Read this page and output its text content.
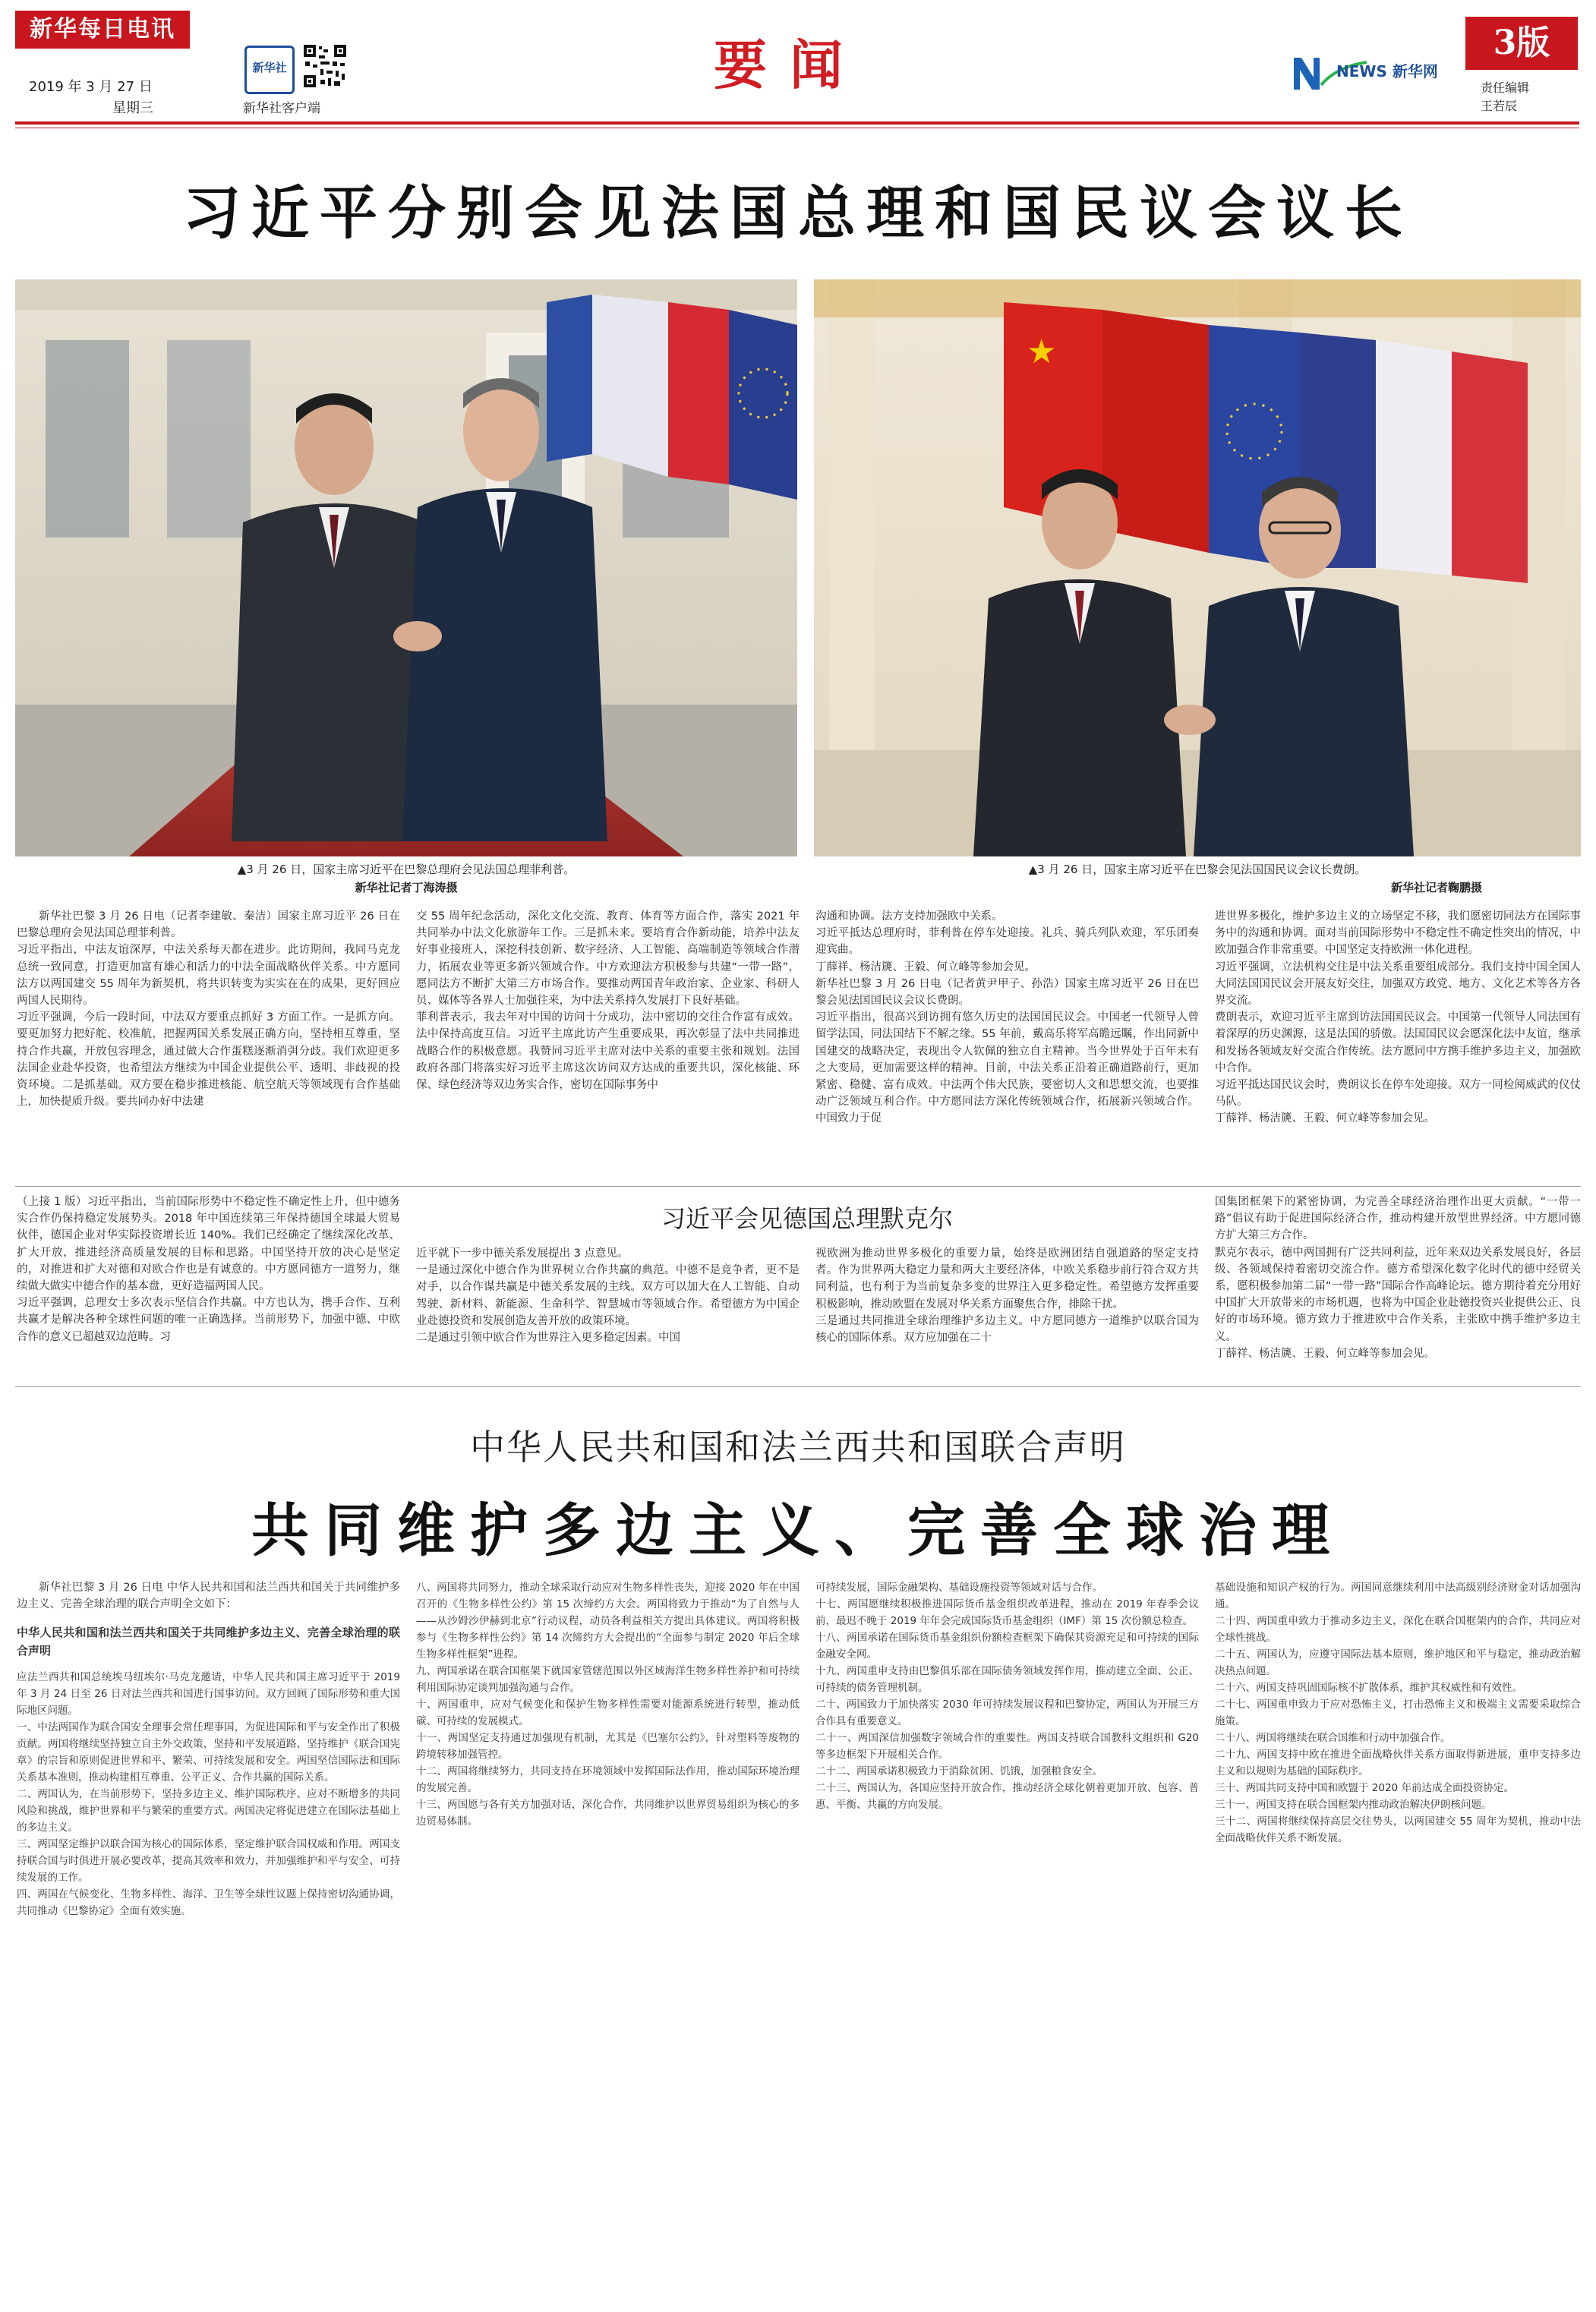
新华每日电讯
2019 年 3 月 27 日
星期三
新华社
新华社客户端
要闻	NEWS 新华网
3版
责任编辑
王若辰
习近平分别会见法国总理和国民议会议长
▲3 月 26 日，国家主席习近平在巴黎总理府会见法国总理菲利普。
新华社记者丁海涛摄
★
▲3 月 26 日，国家主席习近平在巴黎会见法国国民议会议长费朗。
新华社记者鞠鹏摄
新华社巴黎 3 月 26 日电（记者李建敏、秦洁）国家主席习近平 26 日在巴黎总理府会见法国总理菲利普。
习近平指出，中法友谊深厚，中法关系每天都在进步。此访期间，我同马克龙总统一致同意，打造更加富有雄心和活力的中法全面战略伙伴关系。中方愿同法方以两国建交 55 周年为新契机，将共识转变为实实在在的成果，更好回应两国人民期待。
习近平强调，今后一段时间，中法双方要重点抓好 3 方面工作。一是抓方向。要更加努力把好舵、校准航，把握两国关系发展正确方向，坚持相互尊重，坚持合作共赢，开放包容理念，通过做大合作蛋糕逐渐消弭分歧。我们欢迎更多法国企业赴华投资，也希望法方继续为中国企业提供公平、透明、非歧视的投资环境。二是抓基础。双方要在稳步推进核能、航空航天等领域现有合作基础上，加快提质升级。要共同办好中法建
交 55 周年纪念活动，深化文化交流、教育、体育等方面合作，落实 2021 年共同举办中法文化旅游年工作。三是抓未来。要培育合作新动能，培养中法友好事业接班人，深挖科技创新、数字经济、人工智能、高端制造等领域合作潜力，拓展农业等更多新兴领域合作。中方欢迎法方积极参与共建“一带一路”，愿同法方不断扩大第三方市场合作。要推动两国青年政治家、企业家、科研人员、媒体等各界人士加强往来，为中法关系持久发展打下良好基础。
菲利普表示，我去年对中国的访问十分成功，法中密切的交往合作富有成效。法中保持高度互信。习近平主席此访产生重要成果，再次彰显了法中共同推进战略合作的积极意愿。我赞同习近平主席对法中关系的重要主张和规划。法国政府各部门将落实好习近平主席这次访问双方达成的重要共识，深化核能、环保、绿色经济等双边务实合作，密切在国际事务中
沟通和协调。法方支持加强欧中关系。
习近平抵达总理府时，菲利普在停车处迎接。礼兵、骑兵列队欢迎，军乐团奏迎宾曲。
丁薛祥、杨洁篪、王毅、何立峰等参加会见。
新华社巴黎 3 月 26 日电（记者黄尹甲子、孙浩）国家主席习近平 26 日在巴黎会见法国国民议会议长费朗。
习近平指出，很高兴到访拥有悠久历史的法国国民议会。中国老一代领导人曾留学法国，同法国结下不解之缘。55 年前，戴高乐将军高瞻远瞩，作出同新中国建交的战略决定，表现出令人钦佩的独立自主精神。当今世界处于百年未有之大变局，更加需要这样的精神。目前，中法关系正沿着正确道路前行，更加紧密、稳健、富有成效。中法两个伟大民族，要密切人文和思想交流，也要推动广泛领域互利合作。中方愿同法方深化传统领域合作，拓展新兴领域合作。中国致力于促
进世界多极化，维护多边主义的立场坚定不移，我们愿密切同法方在国际事务中的沟通和协调。面对当前国际形势中不稳定性不确定性突出的情况，中欧加强合作非常重要。中国坚定支持欧洲一体化进程。
习近平强调，立法机构交往是中法关系重要组成部分。我们支持中国全国人大同法国国民议会开展友好交往，加强双方政党、地方、文化艺术等各方各界交流。
费朗表示，欢迎习近平主席到访法国国民议会。中国第一代领导人同法国有着深厚的历史渊源，这是法国的骄傲。法国国民议会愿深化法中友谊，继承和发扬各领域友好交流合作传统。法方愿同中方携手维护多边主义，加强欧中合作。
习近平抵达国民议会时，费朗议长在停车处迎接。双方一同检阅威武的仪仗马队。
丁薛祥、杨洁篪、王毅、何立峰等参加会见。
习近平会见德国总理默克尔
（上接 1 版）习近平指出，当前国际形势中不稳定性不确定性上升，但中德务实合作仍保持稳定发展势头。2018 年中国连续第三年保持德国全球最大贸易伙伴，德国企业对华实际投资增长近 140%。我们已经确定了继续深化改革、扩大开放，推进经济高质量发展的目标和思路。中国坚持开放的决心是坚定的，对推进和扩大对德和对欧合作也是有诚意的。中方愿同德方一道努力，继续做大做实中德合作的基本盘，更好造福两国人民。
习近平强调，总理女士多次表示坚信合作共赢。中方也认为，携手合作、互利共赢才是解决各种全球性问题的唯一正确选择。当前形势下，加强中德、中欧合作的意义已超越双边范畴。习
近平就下一步中德关系发展提出 3 点意见。
一是通过深化中德合作为世界树立合作共赢的典范。中德不是竞争者，更不是对手，以合作谋共赢是中德关系发展的主线。双方可以加大在人工智能、自动驾驶、新材料、新能源、生命科学、智慧城市等领域合作。希望德方为中国企业赴德投资和发展创造友善开放的政策环境。
二是通过引领中欧合作为世界注入更多稳定因素。中国
视欧洲为推动世界多极化的重要力量，始终是欧洲团结自强道路的坚定支持者。作为世界两大稳定力量和两大主要经济体，中欧关系稳步前行符合双方共同利益，也有利于为当前复杂多变的世界注入更多稳定性。希望德方发挥重要积极影响，推动欧盟在发展对华关系方面聚焦合作，排除干扰。
三是通过共同推进全球治理维护多边主义。中方愿同德方一道维护以联合国为核心的国际体系。双方应加强在二十
国集团框架下的紧密协调，为完善全球经济治理作出更大贡献。“一带一路”倡议有助于促进国际经济合作，推动构建开放型世界经济。中方愿同德方扩大第三方合作。
默克尔表示，德中两国拥有广泛共同利益，近年来双边关系发展良好，各层级、各领域保持着密切交流合作。德方希望深化数字化时代的德中经贸关系，愿积极参加第二届“一带一路”国际合作高峰论坛。德方期待着充分用好中国扩大开放带来的市场机遇，也将为中国企业赴德投资兴业提供公正、良好的市场环境。德方致力于推进欧中合作关系，主张欧中携手维护多边主义。
丁薛祥、杨洁篪、王毅、何立峰等参加会见。
中华人民共和国和法兰西共和国联合声明
共同维护多边主义、完善全球治理
新华社巴黎 3 月 26 日电 中华人民共和国和法兰西共和国关于共同维护多边主义、完善全球治理的联合声明全文如下：
中华人民共和国和法兰西共和国关于共同维护多边主义、完善全球治理的联合声明
应法兰西共和国总统埃马纽埃尔·马克龙邀请，中华人民共和国主席习近平于 2019 年 3 月 24 日至 26 日对法兰西共和国进行国事访问。双方回顾了国际形势和重大国际地区问题。
一、中法两国作为联合国安全理事会常任理事国，为促进国际和平与安全作出了积极贡献。两国将继续坚持独立自主外交政策，坚持和平发展道路，坚持维护《联合国宪章》的宗旨和原则促进世界和平、繁荣、可持续发展和安全。两国坚信国际法和国际关系基本准则，推动构建相互尊重、公平正义、合作共赢的国际关系。
二、两国认为，在当前形势下，坚持多边主义、维护国际秩序、应对不断增多的共同风险和挑战，维护世界和平与繁荣的重要方式。两国决定将促进建立在国际法基础上的多边主义。
三、两国坚定维护以联合国为核心的国际体系，坚定维护联合国权威和作用。两国支持联合国与时俱进开展必要改革，提高其效率和效力，并加强维护和平与安全、可持续发展的工作。
四、两国在气候变化、生物多样性、海洋、卫生等全球性议题上保持密切沟通协调，共同推动《巴黎协定》全面有效实施。
八、两国将共同努力，推动全球采取行动应对生物多样性丧失，迎接 2020 年在中国召开的《生物多样性公约》第 15 次缔约方大会。两国将致力于推动“为了自然与人——从沙姆沙伊赫到北京”行动议程，动员各利益相关方提出具体建议。两国将积极参与《生物多样性公约》第 14 次缔约方大会提出的“全面参与制定 2020 年后全球生物多样性框架”进程。
九、两国承诺在联合国框架下就国家管辖范围以外区域海洋生物多样性养护和可持续利用国际协定谈判加强沟通与合作。
十、两国重申，应对气候变化和保护生物多样性需要对能源系统进行转型，推动低碳、可持续的发展模式。
十一、两国坚定支持通过加强现有机制，尤其是《巴塞尔公约》，针对塑料等废物的跨境转移加强管控。
十二、两国将继续努力，共同支持在环境领域中发挥国际法作用，推动国际环境治理的发展完善。
十三、两国愿与各有关方加强对话，深化合作，共同维护以世界贸易组织为核心的多边贸易体制。
可持续发展，国际金融架构、基础设施投资等领域对话与合作。
十七、两国愿继续积极推进国际货币基金组织改革进程，推动在 2019 年春季会议前，最迟不晚于 2019 年年会完成国际货币基金组织（IMF）第 15 次份额总检查。
十八、两国承诺在国际货币基金组织份额检查框架下确保其资源充足和可持续的国际金融安全网。
十九、两国重申支持由巴黎俱乐部在国际债务领域发挥作用，推动建立全面、公正、可持续的债务管理机制。
二十、两国致力于加快落实 2030 年可持续发展议程和巴黎协定，两国认为开展三方合作具有重要意义。
二十一、两国深信加强数字领域合作的重要性。两国支持联合国教科文组织和 G20 等多边框架下开展相关合作。
二十二、两国承诺积极致力于消除贫困、饥饿，加强粮食安全。
二十三、两国认为，各国应坚持开放合作，推动经济全球化朝着更加开放、包容、普惠、平衡、共赢的方向发展。
基础设施和知识产权的行为。两国同意继续利用中法高级别经济财金对话加强沟通。
二十四、两国重申致力于推动多边主义，深化在联合国框架内的合作，共同应对全球性挑战。
二十五、两国认为，应遵守国际法基本原则，维护地区和平与稳定，推动政治解决热点问题。
二十六、两国支持巩固国际核不扩散体系，维护其权威性和有效性。
二十七、两国重申致力于应对恐怖主义，打击恐怖主义和极端主义需要采取综合施策。
二十八、两国将继续在联合国维和行动中加强合作。
二十九、两国支持中欧在推进全面战略伙伴关系方面取得新进展，重申支持多边主义和以规则为基础的国际秩序。
三十、两国共同支持中国和欧盟于 2020 年前达成全面投资协定。
三十一、两国支持在联合国框架内推动政治解决伊朗核问题。
三十二、两国将继续保持高层交往势头，以两国建交 55 周年为契机，推动中法全面战略伙伴关系不断发展。
